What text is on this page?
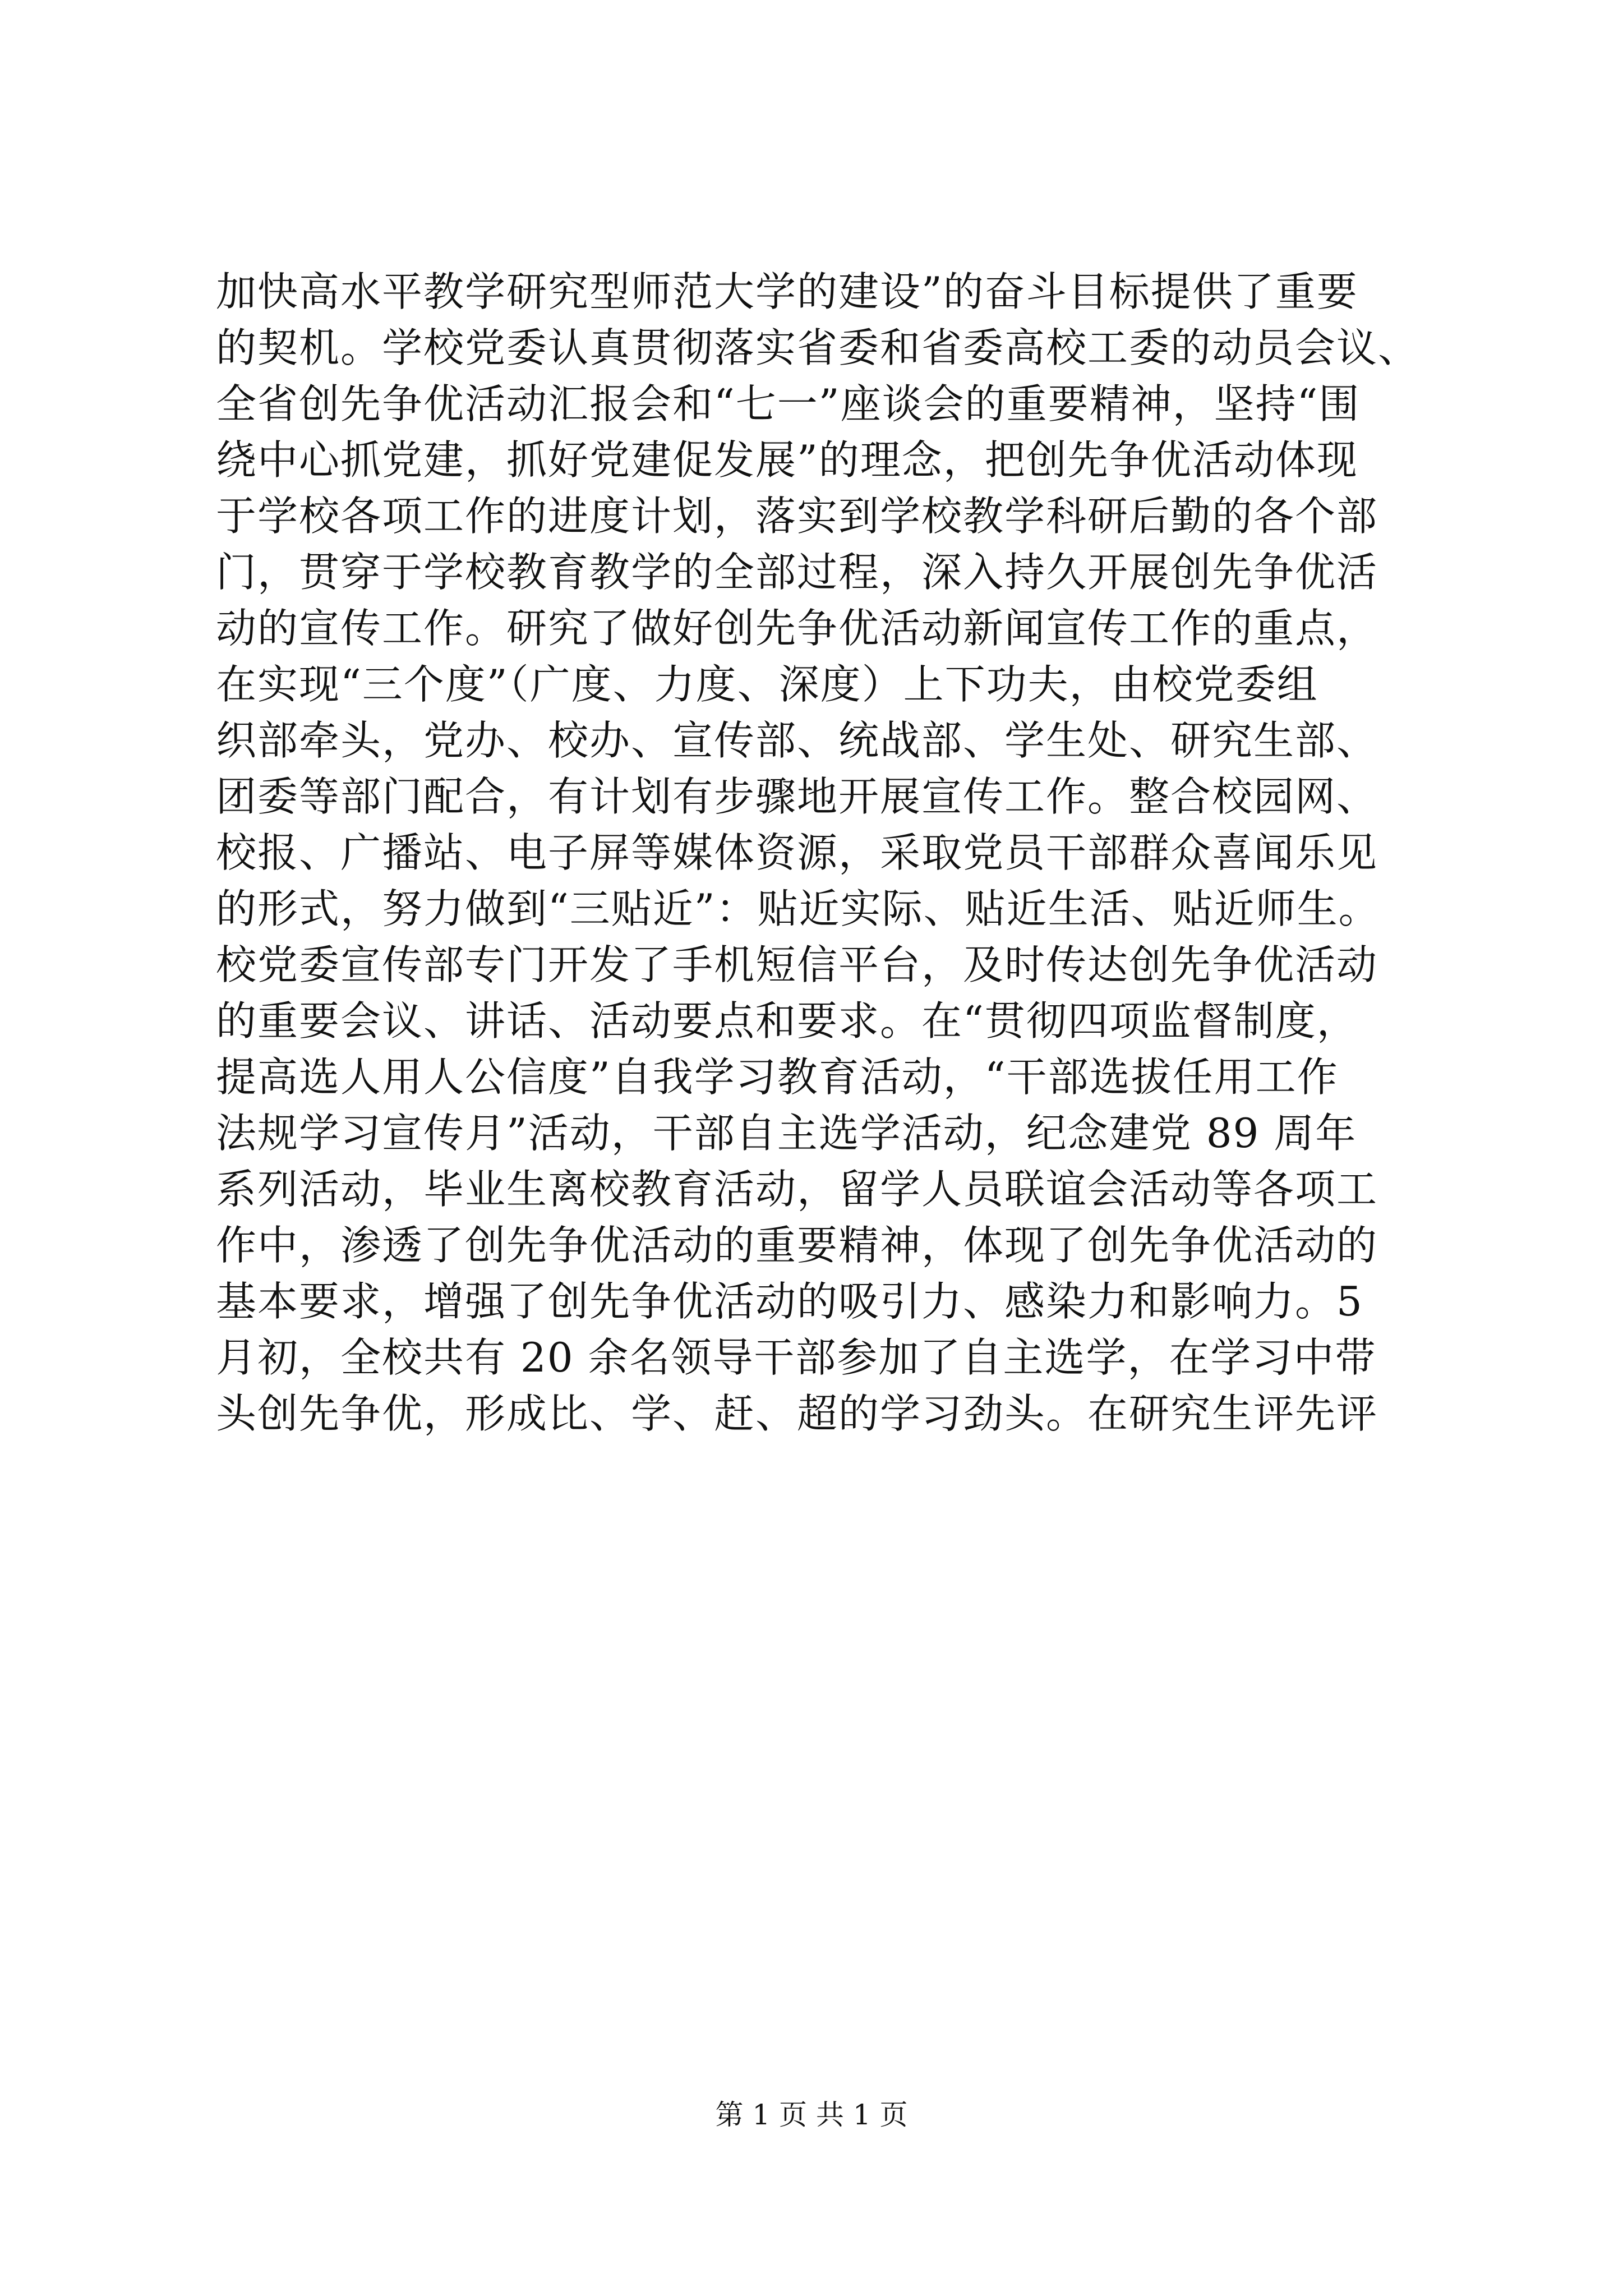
加快高水平教学研究型师范大学的建设”的奋斗目标提供了重要
的契机。学校党委认真贯彻落实省委和省委高校工委的动员会议、
全省创先争优活动汇报会和“七一”座谈会的重要精神，坚持“围
绕中心抓党建，抓好党建促发展”的理念，把创先争优活动体现
于学校各项工作的进度计划，落实到学校教学科研后勤的各个部
门，贯穿于学校教育教学的全部过程，深入持久开展创先争优活
动的宣传工作。研究了做好创先争优活动新闻宣传工作的重点，
在实现“三个度”（广度、力度、深度）上下功夫，由校党委组
织部牵头，党办、校办、宣传部、统战部、学生处、研究生部、
团委等部门配合，有计划有步骤地开展宣传工作。整合校园网、
校报、广播站、电子屏等媒体资源，采取党员干部群众喜闻乐见
的形式，努力做到“三贴近”：贴近实际、贴近生活、贴近师生。
校党委宣传部专门开发了手机短信平台，及时传达创先争优活动
的重要会议、讲话、活动要点和要求。在“贯彻四项监督制度，
提高选人用人公信度”自我学习教育活动，“干部选拔任用工作
法规学习宣传月”活动，干部自主选学活动，纪念建党 89 周年
系列活动，毕业生离校教育活动，留学人员联谊会活动等各项工
作中，渗透了创先争优活动的重要精神，体现了创先争优活动的
基本要求，增强了创先争优活动的吸引力、感染力和影响力。5
月初，全校共有 20 余名领导干部参加了自主选学，在学习中带
头创先争优，形成比、学、赶、超的学习劲头。在研究生评先评
第 1 页 共 1 页
